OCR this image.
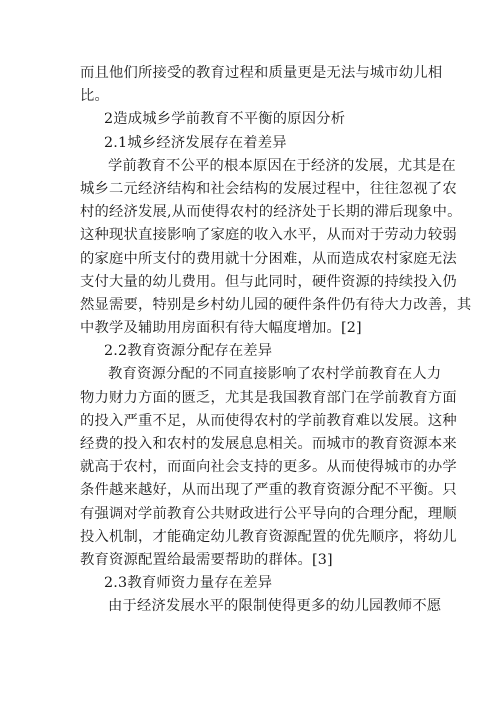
而且他们所接受的教育过程和质量更是无法与城市幼儿相
比。
2造成城乡学前教育不平衡的原因分析
2.1城乡经济发展存在着差异
学前教育不公平的根本原因在于经济的发展，尤其是在
城乡二元经济结构和社会结构的发展过程中，往往忽视了农
村的经济发展,从而使得农村的经济处于长期的滞后现象中。
这种现状直接影响了家庭的收入水平，从而对于劳动力较弱
的家庭中所支付的费用就十分困难，从而造成农村家庭无法
支付大量的幼儿费用。但与此同时，硬件资源的持续投入仍
然显需要，特别是乡村幼儿园的硬件条件仍有待大力改善，其
中教学及辅助用房面积有待大幅度增加。[2]
2.2教育资源分配存在差异
教育资源分配的不同直接影响了农村学前教育在人力
物力财力方面的匮乏，尤其是我国教育部门在学前教育方面
的投入严重不足，从而使得农村的学前教育难以发展。这种
经费的投入和农村的发展息息相关。而城市的教育资源本来
就高于农村，而面向社会支持的更多。从而使得城市的办学
条件越来越好，从而出现了严重的教育资源分配不平衡。只
有强调对学前教育公共财政进行公平导向的合理分配，理顺
投入机制，才能确定幼儿教育资源配置的优先顺序，将幼儿
教育资源配置给最需要帮助的群体。[3]
2.3教育师资力量存在差异
由于经济发展水平的限制使得更多的幼儿园教师不愿
